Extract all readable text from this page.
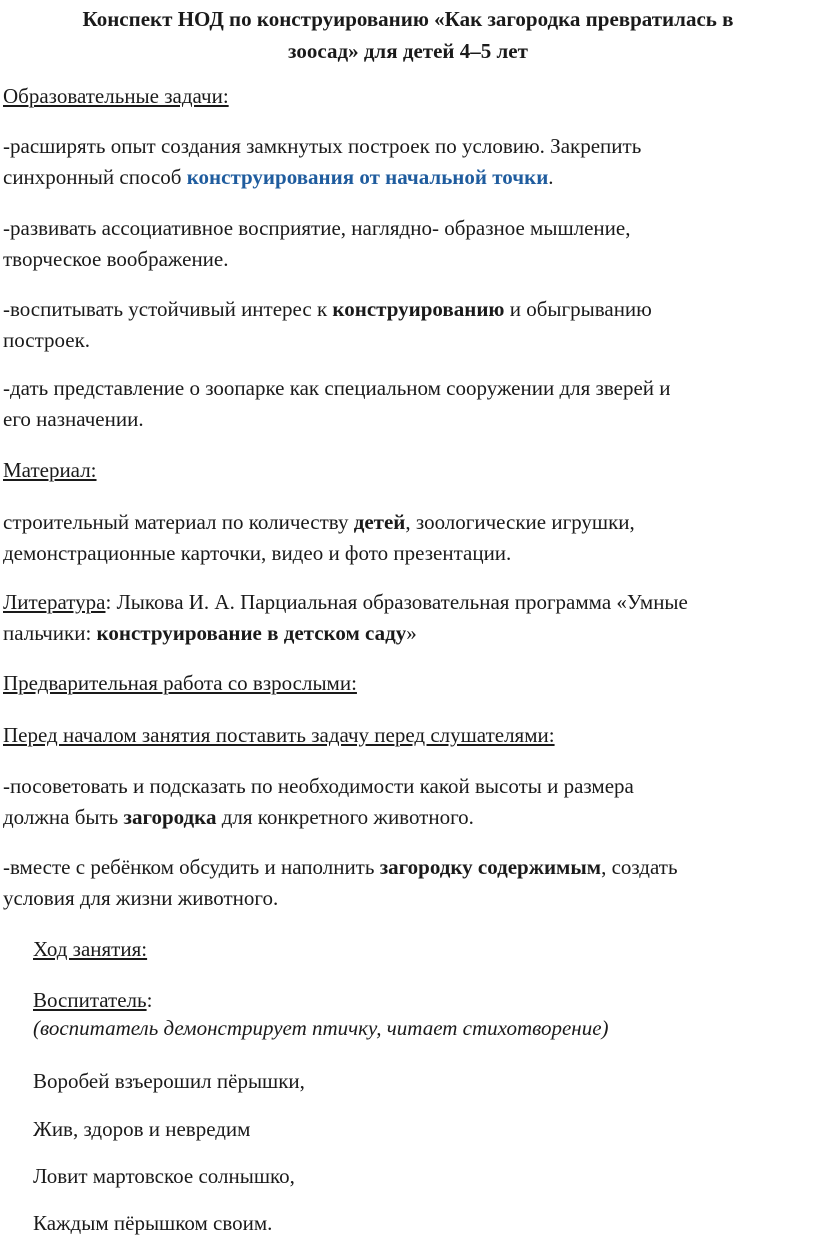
Конспект НОД по конструированию «Как загородка превратилась в
зоосад» для детей 4–5 лет
Образовательные задачи:

-расширять опыт создания замкнутых построек по условию. Закрепить

синхронный способ конструирования от начальной точки.

-развивать ассоциативное восприятие, наглядно- образное мышление,

творческое воображение.

-воспитывать устойчивый интерес к конструированию и обыгрыванию

построек.

-дать представление о зоопарке как специальном сооружении для зверей и

его назначении.

Материал:

строительный материал по количеству детей, зоологические игрушки,

демонстрационные карточки, видео и фото презентации.

Литература: Лыкова И. А. Парциальная образовательная программа «Умные

пальчики: конструирование в детском саду»

Предварительная работа со взрослыми:
Перед началом занятия поставить задачу перед слушателями:

-посоветовать и подсказать по необходимости какой высоты и размера

должна быть загородка для конкретного животного.

-вместе с ребёнком обсудить и наполнить загородку содержимым, создать

условия для жизни животного.

Ход занятия:

Воспитатель:

(воспитатель демонстрирует птичку, читает стихотворение)

Воробей взъерошил пёрышки,
Жив, здоров и невредим
Ловит мартовское солнышко,
Каждым пёрышком своим.
